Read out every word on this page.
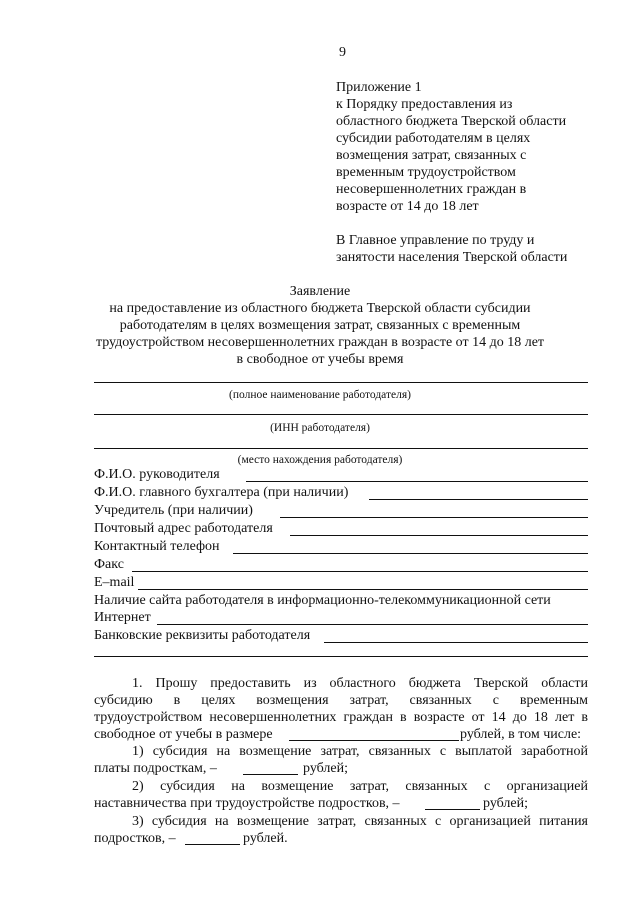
9
Приложение 1
к Порядку предоставления из
областного бюджета Тверской области
субсидии работодателям в целях
возмещения затрат, связанных с
временным трудоустройством
несовершеннолетних граждан в
возрасте от 14 до 18 лет
В Главное управление по труду и
занятости населения Тверской области
Заявление
на предоставление из областного бюджета Тверской области субсидии
работодателям в целях возмещения затрат, связанных с временным
трудоустройством несовершеннолетних граждан в возрасте от 14 до 18 лет
в свободное от учебы время
(полное наименование работодателя)
(ИНН работодателя)
(место нахождения работодателя)
Ф.И.О. руководителя
Ф.И.О. главного бухгалтера (при наличии)
Учредитель (при наличии)
Почтовый адрес работодателя
Контактный телефон
Факс
E–mail
Наличие сайта работодателя в информационно-телекоммуникационной сети
Интернет
Банковские реквизиты работодателя
1. Прошу предоставить из областного бюджета Тверской области
субсидию в целях возмещения затрат, связанных с временным
трудоустройством несовершеннолетних граждан в возрасте от 14 до 18 лет в
свободное от учебы в размере	рублей, в том числе:
1) субсидия на возмещение затрат, связанных с выплатой заработной
платы подросткам, –	рублей;
2) субсидия на возмещение затрат, связанных с организацией
наставничества при трудоустройстве подростков, –	рублей;
3) субсидия на возмещение затрат, связанных с организацией питания
подростков, –	рублей.
